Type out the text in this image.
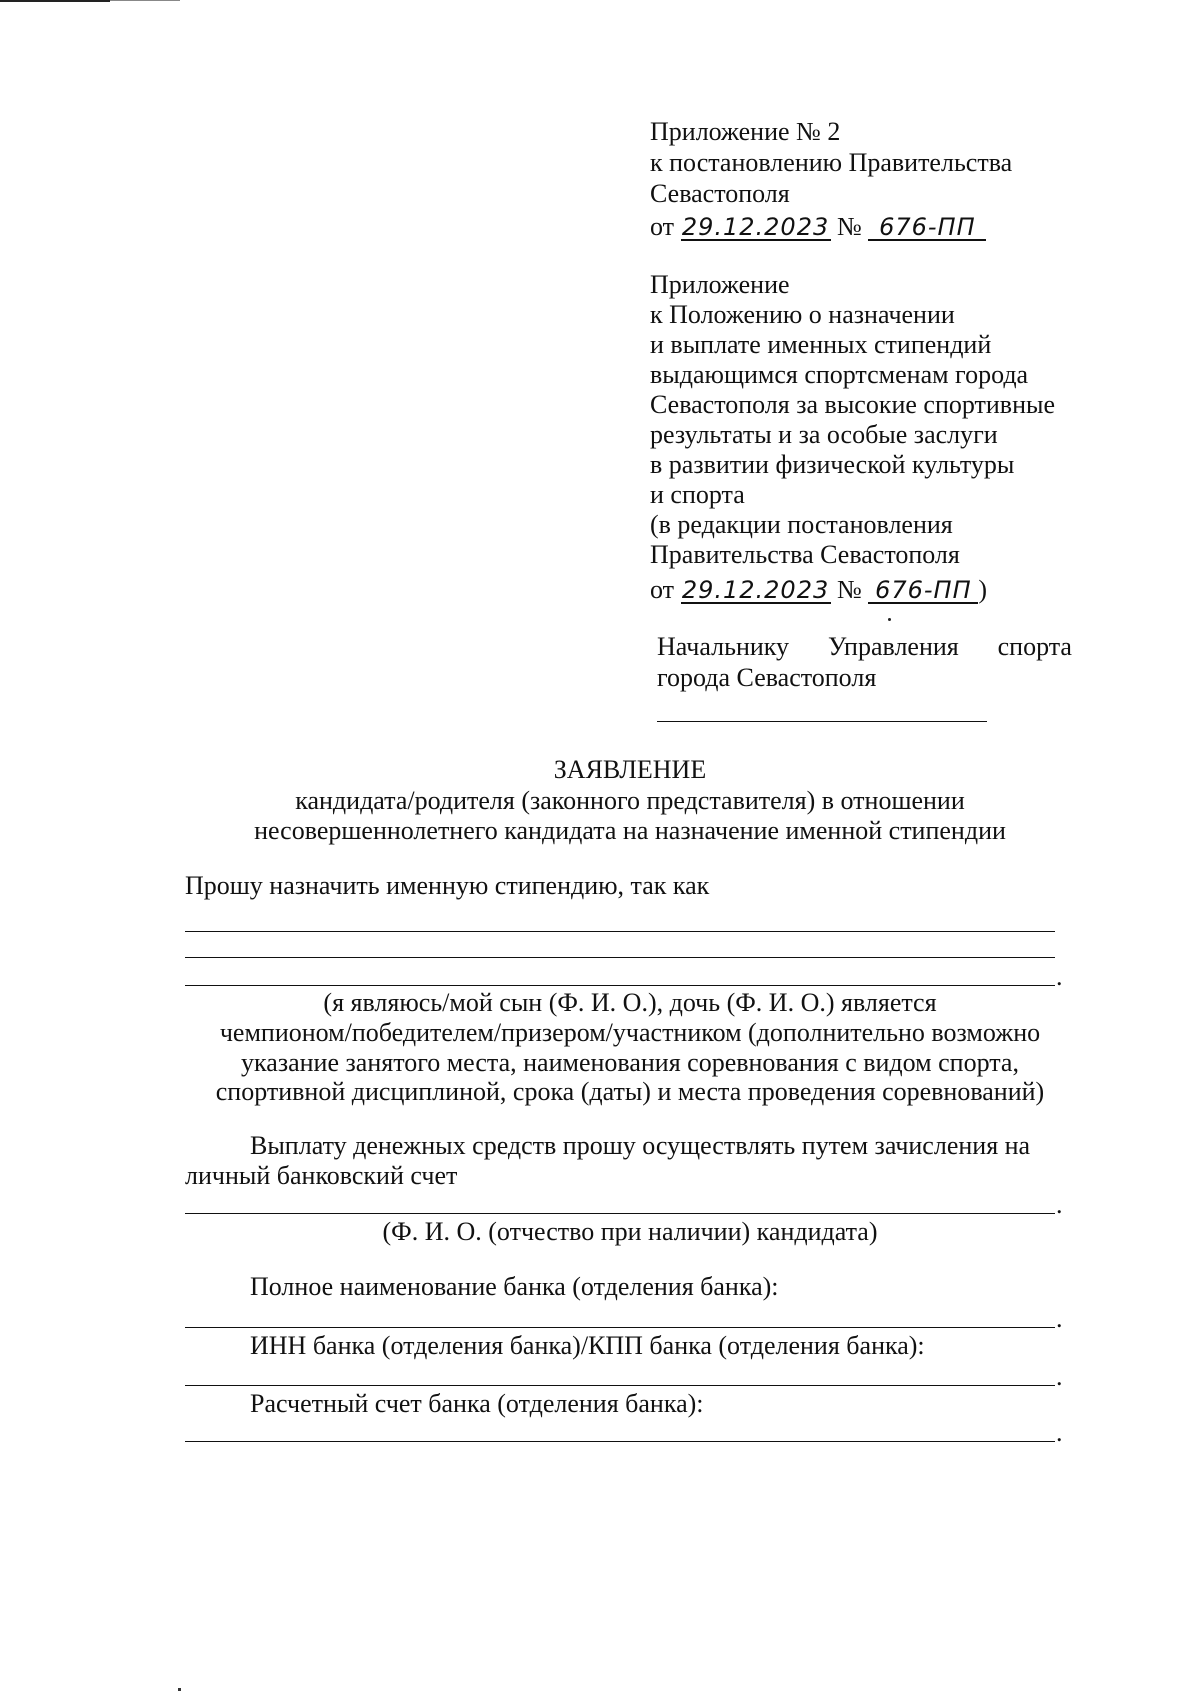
Приложение № 2
к постановлению Правительства
Севастополя
от 29.12.2023 № 676-ПП
Приложение
к Положению о назначении
и выплате именных стипендий
выдающимся спортсменам города
Севастополя за высокие спортивные
результаты и за особые заслуги
в развитии физической культуры
и спорта
(в редакции постановления
Правительства Севастополя
от 29.12.2023 № 676-ПП )
Начальнику Управления спорта
города Севастополя
ЗАЯВЛЕНИЕ
кандидата/родителя (законного представителя) в отношении
несовершеннолетнего кандидата на назначение именной стипендии
Прошу назначить именную стипендию, так как
.
(я являюсь/мой сын (Ф. И. О.), дочь (Ф. И. О.) является
чемпионом/победителем/призером/участником (дополнительно возможно
указание занятого места, наименования соревнования с видом спорта,
спортивной дисциплиной, срока (даты) и места проведения соревнований)
Выплату денежных средств прошу осуществлять путем зачисления на
личный банковский счет
.
(Ф. И. О. (отчество при наличии) кандидата)
Полное наименование банка (отделения банка):
.
ИНН банка (отделения банка)/КПП банка (отделения банка):
.
Расчетный счет банка (отделения банка):
.
